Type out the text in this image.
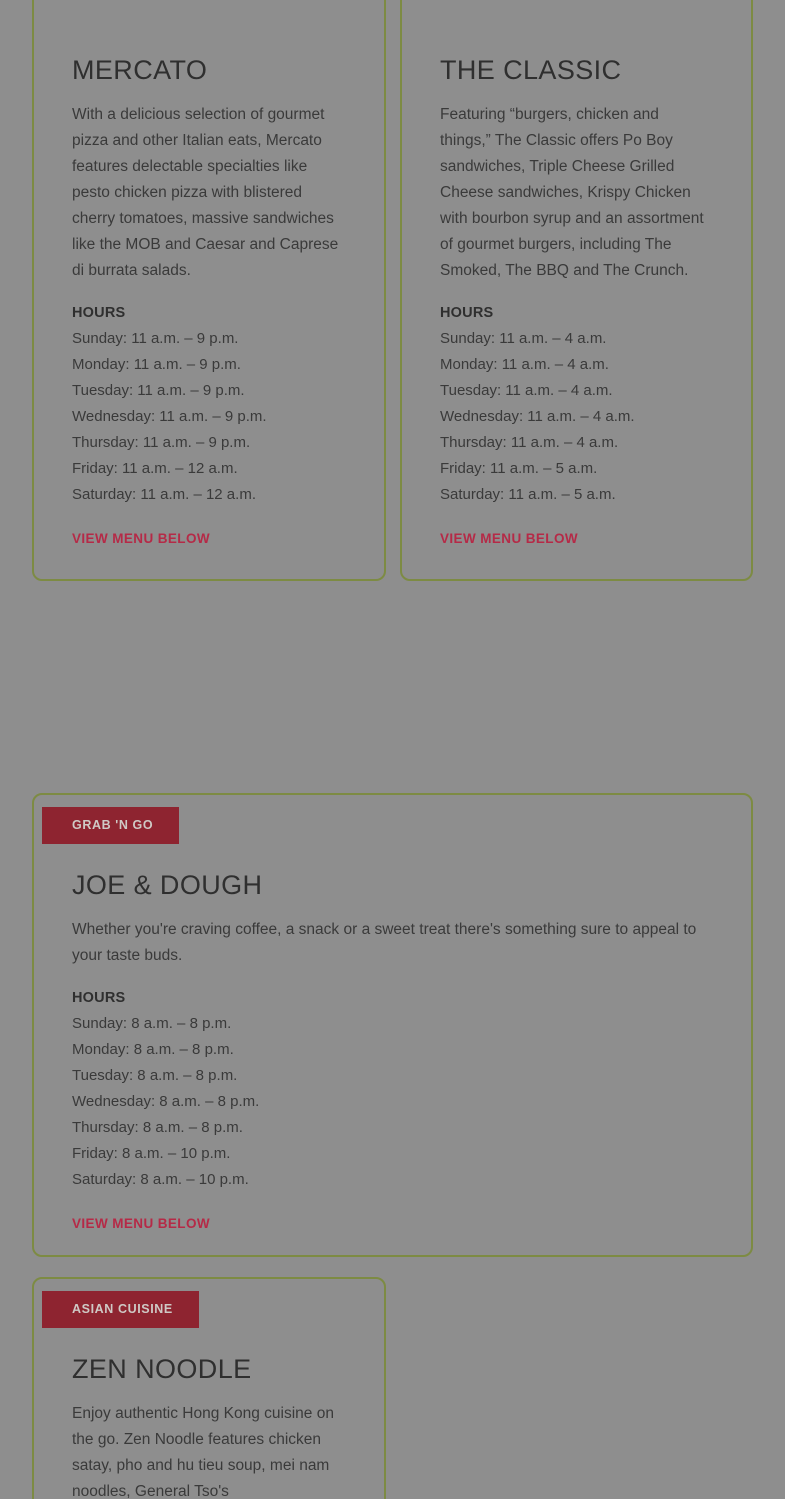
MERCATO

With a delicious selection of gourmet pizza and other Italian eats, Mercato features delectable specialties like pesto chicken pizza with blistered cherry tomatoes, massive sandwiches like the MOB and Caesar and Caprese di burrata salads.

HOURS

Sunday: 11 a.m. – 9 p.m.
Monday: 11 a.m. – 9 p.m.
Tuesday: 11 a.m. – 9 p.m.
Wednesday: 11 a.m. – 9 p.m.
Thursday: 11 a.m. – 9 p.m.
Friday: 11 a.m. – 12 a.m.
Saturday: 11 a.m. – 12 a.m.
VIEW MENU BELOW
THE CLASSIC

Featuring “burgers, chicken and things,” The Classic offers Po Boy sandwiches, Triple Cheese Grilled Cheese sandwiches, Krispy Chicken with bourbon syrup and an assortment of gourmet burgers, including The Smoked, The BBQ and The Crunch.

HOURS

Sunday: 11 a.m. – 4 a.m.
Monday: 11 a.m. – 4 a.m.
Tuesday: 11 a.m. – 4 a.m.
Wednesday: 11 a.m. – 4 a.m.
Thursday: 11 a.m. – 4 a.m.
Friday: 11 a.m. – 5 a.m.
Saturday: 11 a.m. – 5 a.m.
VIEW MENU BELOW
GRAB 'N GO
JOE & DOUGH

Whether you're craving coffee, a snack or a sweet treat there's something sure to appeal to your taste buds.

HOURS

Sunday: 8 a.m. – 8 p.m.
Monday: 8 a.m. – 8 p.m.
Tuesday: 8 a.m. – 8 p.m.
Wednesday: 8 a.m. – 8 p.m.
Thursday: 8 a.m. – 8 p.m.
Friday: 8 a.m. – 10 p.m.
Saturday: 8 a.m. – 10 p.m.
VIEW MENU BELOW
ASIAN CUISINE
ZEN NOODLE

Enjoy authentic Hong Kong cuisine on the go. Zen Noodle features chicken satay, pho and hu tieu soup, mei nam noodles, General Tso's
